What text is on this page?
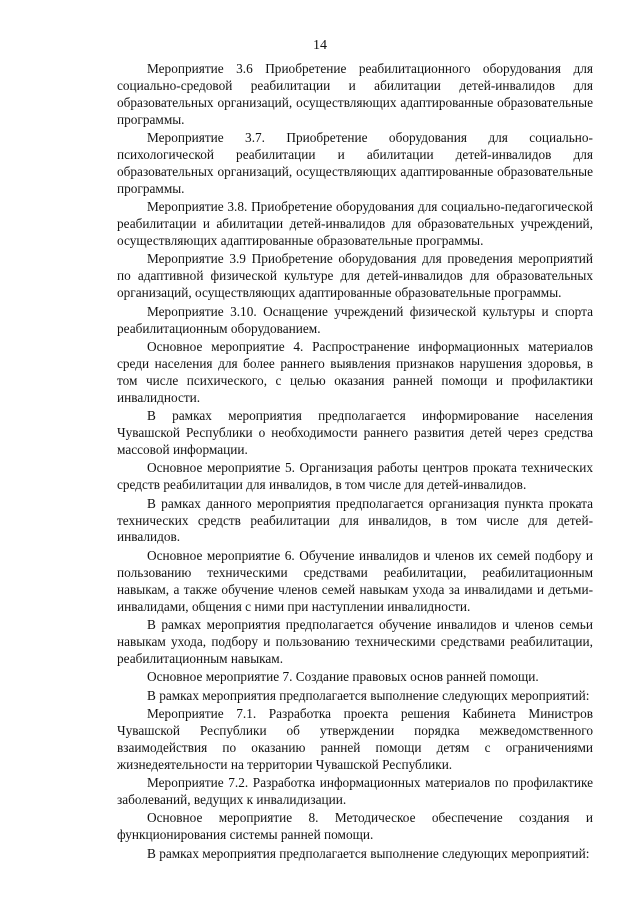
14

Мероприятие 3.6 Приобретение реабилитационного оборудования для социально-средовой реабилитации и абилитации детей-инвалидов для образовательных организаций, осуществляющих адаптированные образовательные программы.

Мероприятие 3.7. Приобретение оборудования для социально-психологической реабилитации и абилитации детей-инвалидов для образовательных организаций, осуществляющих адаптированные образовательные программы.

Мероприятие 3.8. Приобретение оборудования для социально-педагогической реабилитации и абилитации детей-инвалидов для образовательных учреждений, осуществляющих адаптированные образовательные программы.

Мероприятие 3.9 Приобретение оборудования для проведения мероприятий по адаптивной физической культуре для детей-инвалидов для образовательных организаций, осуществляющих адаптированные образовательные программы.

Мероприятие 3.10. Оснащение учреждений физической культуры и спорта реабилитационным оборудованием.

Основное мероприятие 4. Распространение информационных материалов среди населения для более раннего выявления признаков нарушения здоровья, в том числе психического, с целью оказания ранней помощи и профилактики инвалидности.

В рамках мероприятия предполагается информирование населения Чувашской Республики о необходимости раннего развития детей через средства массовой информации.

Основное мероприятие 5. Организация работы центров проката технических средств реабилитации для инвалидов, в том числе для детей-инвалидов.

В рамках данного мероприятия предполагается организация пункта проката технических средств реабилитации для инвалидов, в том числе для детей-инвалидов.

Основное мероприятие 6. Обучение инвалидов и членов их семей подбору и пользованию техническими средствами реабилитации, реабилитационным навыкам, а также обучение членов семей навыкам ухода за инвалидами и детьми-инвалидами, общения с ними при наступлении инвалидности.

В рамках мероприятия предполагается обучение инвалидов и членов семьи навыкам ухода, подбору и пользованию техническими средствами реабилитации, реабилитационным навыкам.

Основное мероприятие 7. Создание правовых основ ранней помощи.

В рамках мероприятия предполагается выполнение следующих мероприятий:

Мероприятие 7.1. Разработка проекта решения Кабинета Министров Чувашской Республики об утверждении порядка межведомственного взаимодействия по оказанию ранней помощи детям с ограничениями жизнедеятельности на территории Чувашской Республики.

Мероприятие 7.2. Разработка информационных материалов по профилактике заболеваний, ведущих к инвалидизации.

Основное мероприятие 8. Методическое обеспечение создания и функционирования системы ранней помощи.

В рамках мероприятия предполагается выполнение следующих мероприятий:
